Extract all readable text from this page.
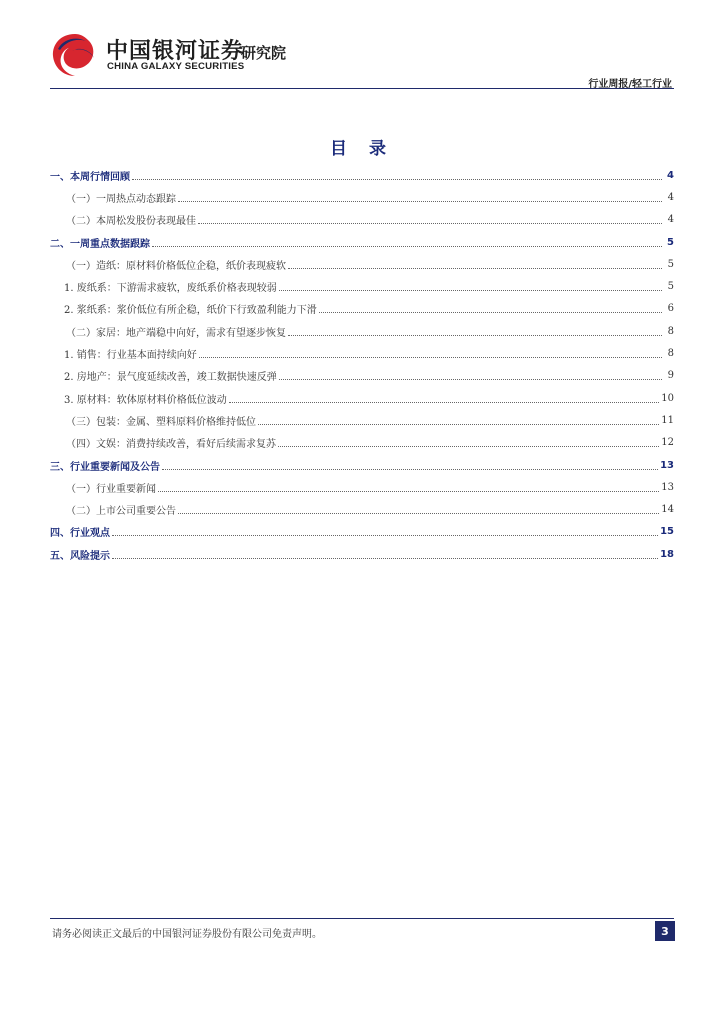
中国银河证券
CHINA GALAXY SECURITIES
研究院
行业周报/轻工行业
目 录
一、本周行情回顾	4
（一）一周热点动态跟踪	4
（二）本周松发股份表现最佳	4
二、一周重点数据跟踪	5
（一）造纸：原材料价格低位企稳，纸价表现疲软	5
1. 废纸系：下游需求疲软，废纸系价格表现较弱	5
2. 浆纸系：浆价低位有所企稳，纸价下行致盈利能力下滑	6
（二）家居：地产端稳中向好，需求有望逐步恢复	8
1. 销售：行业基本面持续向好	8
2. 房地产：景气度延续改善，竣工数据快速反弹	9
3. 原材料：软体原材料价格低位波动	10
（三）包装：金属、塑料原料价格维持低位	11
（四）文娱：消费持续改善，看好后续需求复苏	12
三、行业重要新闻及公告	13
（一）行业重要新闻	13
（二）上市公司重要公告	14
四、行业观点	15
五、风险提示	18
请务必阅读正文最后的中国银河证券股份有限公司免责声明。	3
